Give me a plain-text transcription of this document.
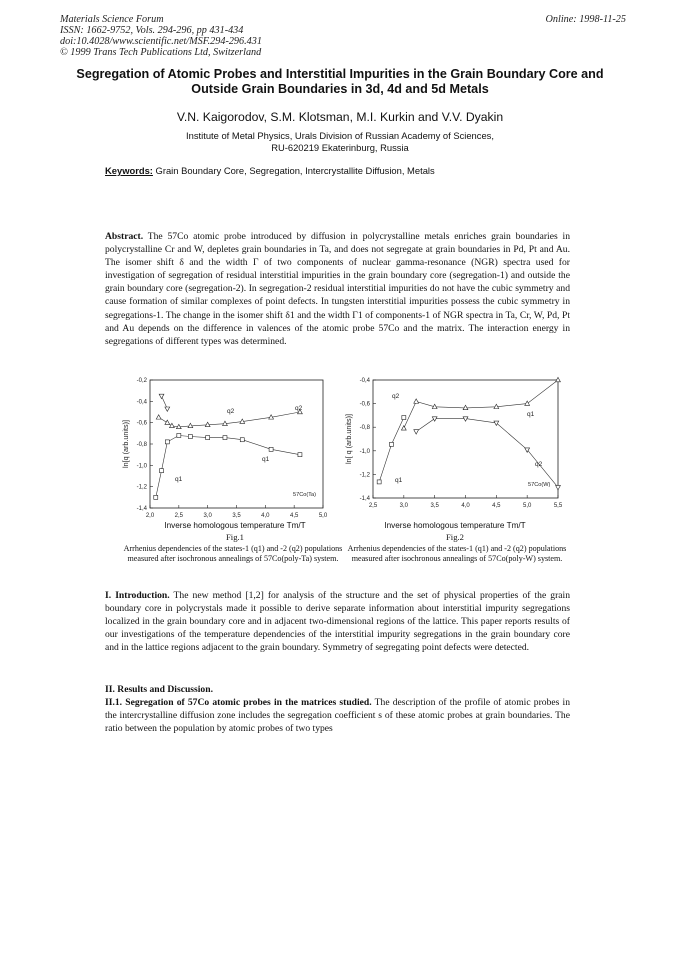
Materials Science Forum
ISSN: 1662-9752, Vols. 294-296, pp 431-434
doi:10.4028/www.scientific.net/MSF.294-296.431
© 1999 Trans Tech Publications Ltd, Switzerland
Online: 1998-11-25
Segregation of Atomic Probes and Interstitial Impurities in the Grain Boundary Core and Outside Grain Boundaries in 3d, 4d and 5d Metals
V.N. Kaigorodov, S.M. Klotsman, M.I. Kurkin and V.V. Dyakin
Institute of Metal Physics, Urals Division of Russian Academy of Sciences,
RU-620219 Ekaterinburg, Russia
Keywords: Grain Boundary Core, Segregation, Intercrystallite Diffusion, Metals
Abstract. The 57Co atomic probe introduced by diffusion in polycrystalline metals enriches grain boundaries in polycrystalline Cr and W, depletes grain boundaries in Ta, and does not segregate at grain boundaries in Pd, Pt and Au. The isomer shift δ and the width Γ of two components of nuclear gamma-resonance (NGR) spectra used for investigation of segregation of residual interstitial impurities in the grain boundary core (segregation-1) and outside the grain boundary core (segregation-2). In segregation-2 residual interstitial impurities do not have the cubic symmetry and cause formation of similar complexes of point defects. In tungsten interstitial impurities possess the cubic symmetry in segregations-1. The change in the isomer shift δ1 and the width Γ1 of components-1 of NGR spectra in Ta, Cr, W, Pd, Pt and Au depends on the difference in valences of the atomic probe 57Co and the matrix. The interaction energy in segregations of different types was determined.
2,0	2,5	3,0	3,5	4,0	4,5	5,0
-0,2
-0,4
-0,6
-0,8
-1,0
-1,2
-1,4
ln[q (arb.units)]
57Co(Ta)
q2	q2
q1
q1
Inverse homologous temperature Tm/T
Fig.1
Arrhenius dependencies of the states-1 (q1) and -2 (q2) populations measured after isochronous annealings of 57Co(poly-Ta) system.
2,5	3,0	3,5	4,0	4,5	5,0	5,5
-0,4
-0,6
-0,8
-1,0
-1,2
-1,4
ln[ q (arb.units)]
57Co(W)
q2
q1
q2
q1
Inverse homologous temperature Tm/T
Fig.2
Arrhenius dependencies of the states-1 (q1) and -2 (q2) populations measured after isochronous annealings of 57Co(poly-W) system.
I. Introduction. The new method [1,2] for analysis of the structure and the set of physical properties of the grain boundary core in polycrystals made it possible to derive separate information about interstitial impurity segregations localized in the grain boundary core and in adjacent two-dimensional regions of the lattice. This paper reports results of our investigations of the temperature dependencies of the interstitial impurity segregations in the grain boundary core and in the lattice regions adjacent to the grain boundary. Symmetry of segregating point defects were detected.
II. Results and Discussion.
II.1. Segregation of 57Co atomic probes in the matrices studied. The description of the profile of atomic probes in the intercrystalline diffusion zone includes the segregation coefficient s of these atomic probes at grain boundaries. The ratio between the population by atomic probes of two types
